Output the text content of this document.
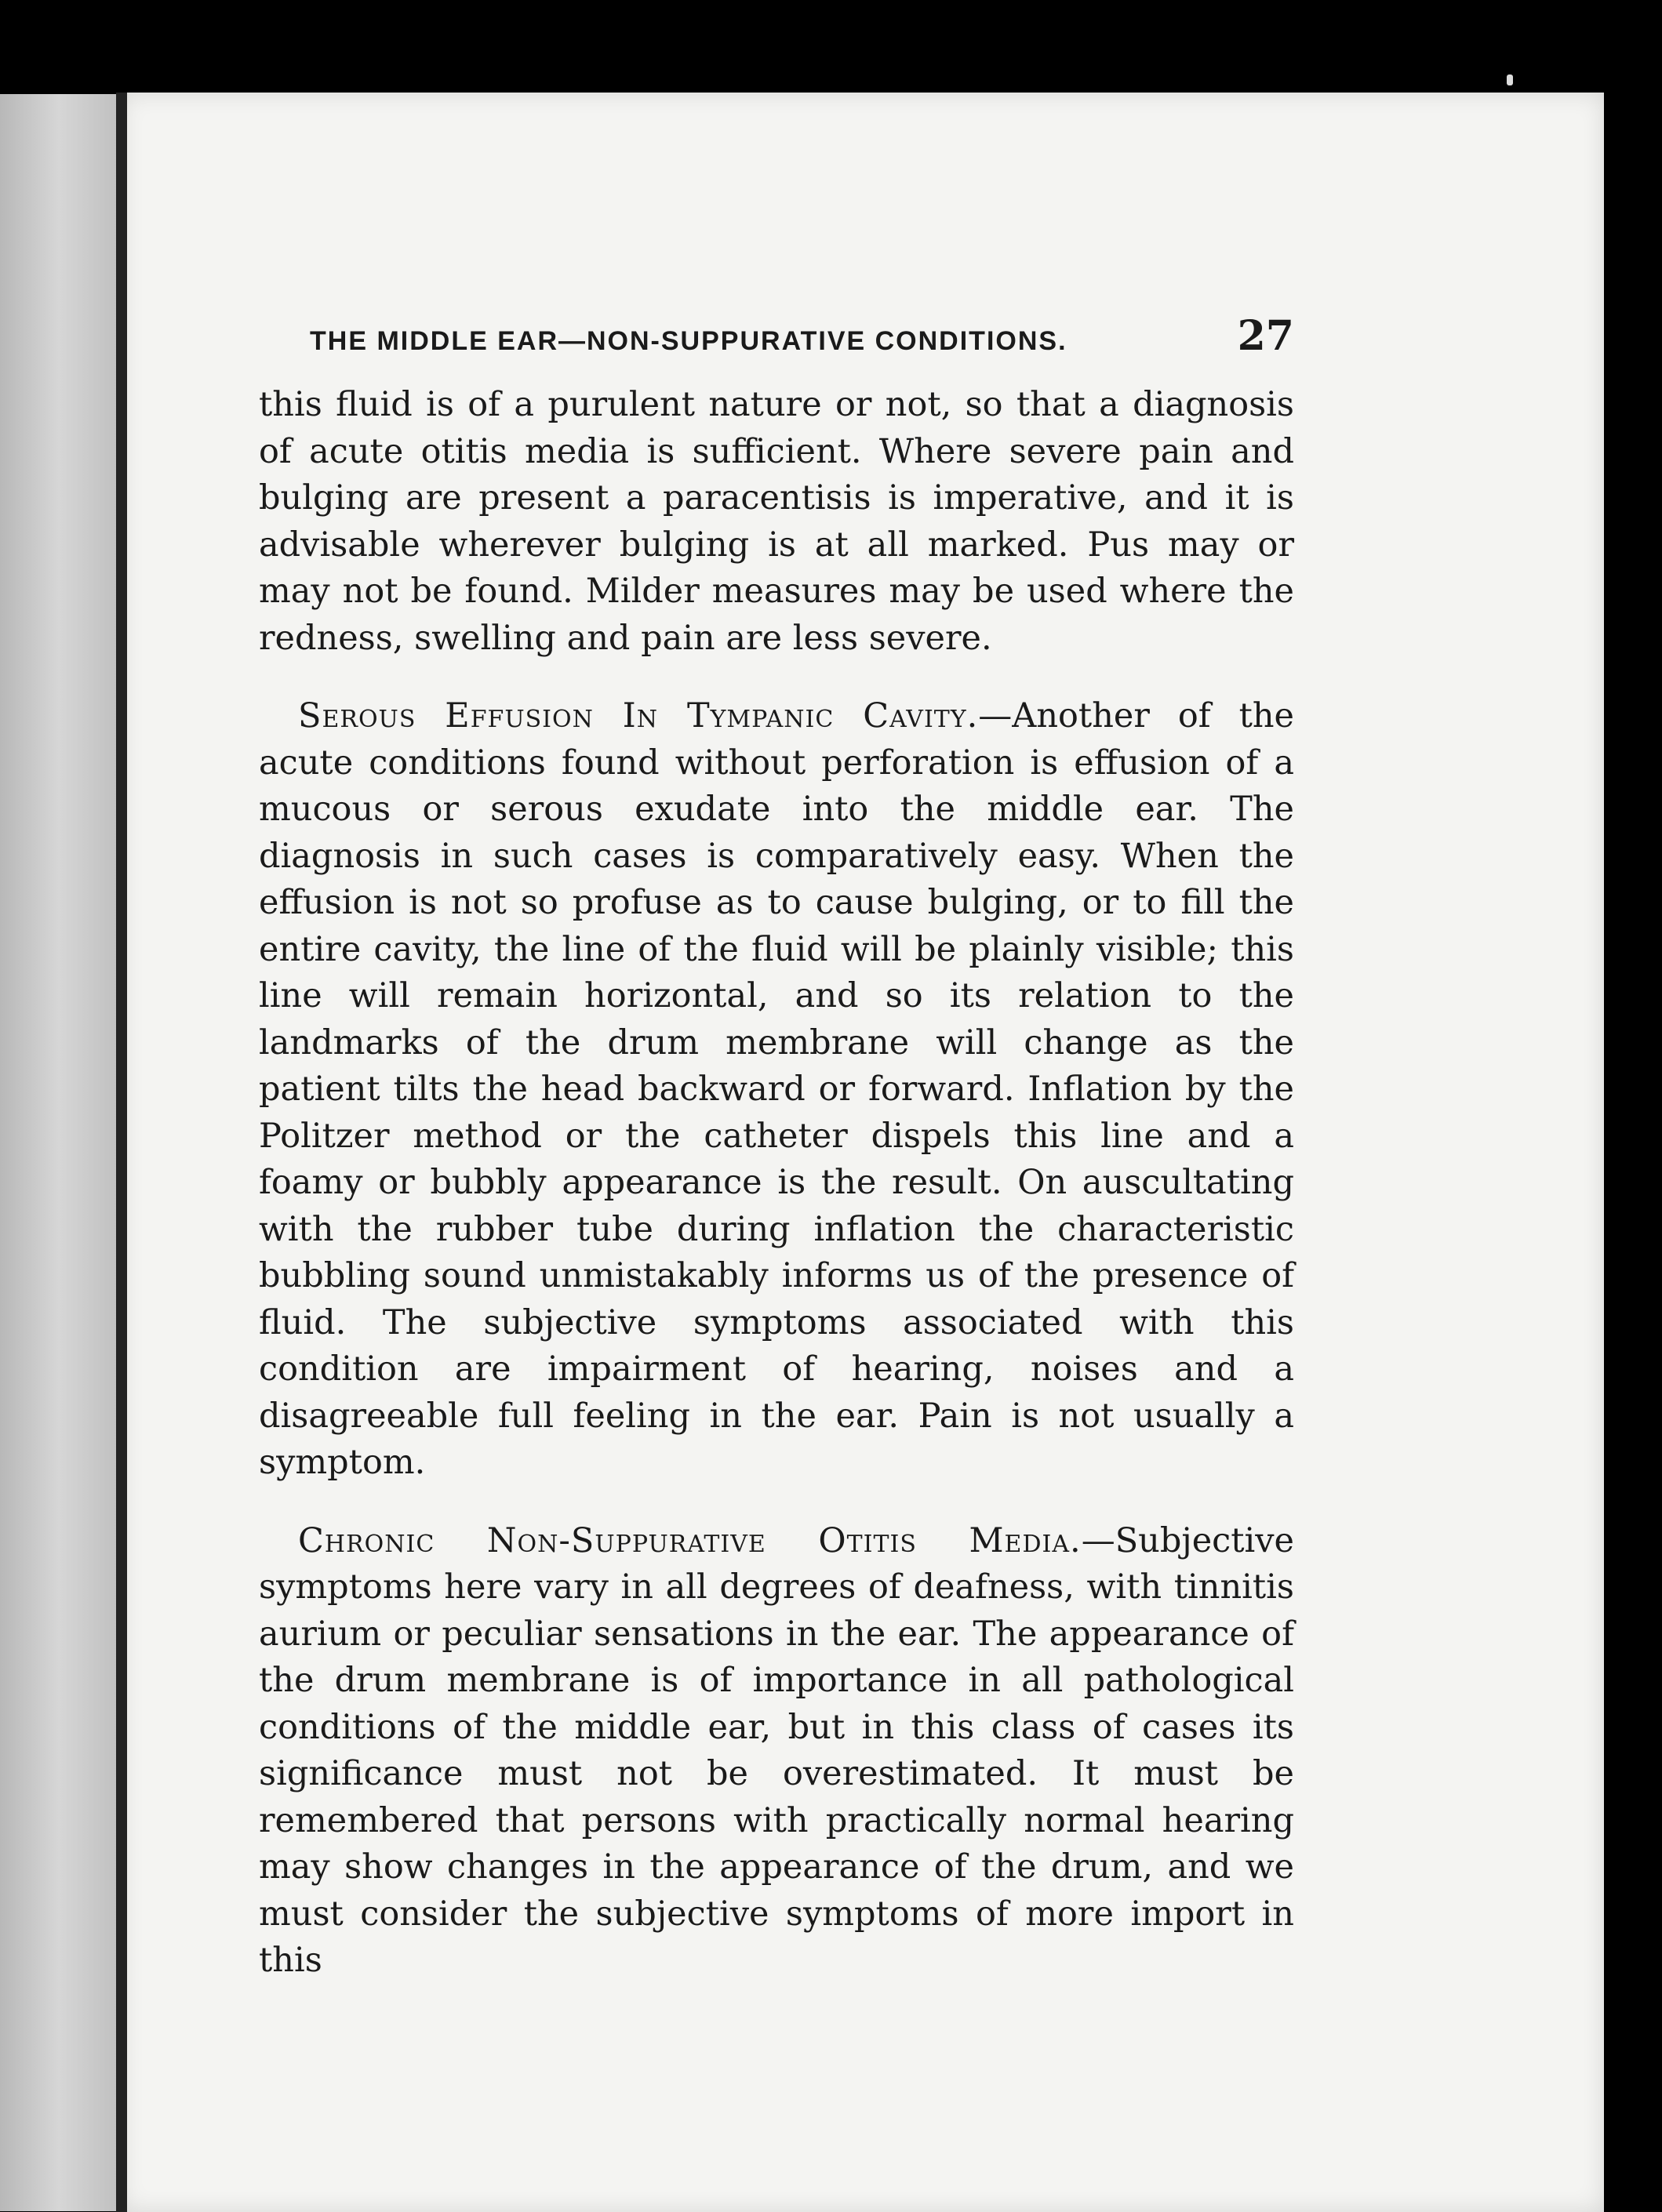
THE MIDDLE EAR—NON-SUPPURATIVE CONDITIONS.	27

this fluid is of a purulent nature or not, so that a diagnosis of acute otitis media is sufficient. Where severe pain and bulging are present a paracentisis is imperative, and it is advisable wherever bulging is at all marked. Pus may or may not be found. Milder measures may be used where the redness, swelling and pain are less severe.

Serous Effusion In Tympanic Cavity.—Another of the acute conditions found without perforation is effusion of a mucous or serous exudate into the middle ear. The diagnosis in such cases is comparatively easy. When the effusion is not so profuse as to cause bulging, or to fill the entire cavity, the line of the fluid will be plainly visible; this line will remain horizontal, and so its relation to the landmarks of the drum membrane will change as the patient tilts the head backward or forward. Inflation by the Politzer method or the catheter dispels this line and a foamy or bubbly appearance is the result. On auscultating with the rubber tube during inflation the characteristic bubbling sound unmistakably informs us of the presence of fluid. The subjective symptoms associated with this condition are impairment of hearing, noises and a disagreeable full feeling in the ear. Pain is not usually a symptom.

Chronic Non-Suppurative Otitis Media.—Subjective symptoms here vary in all degrees of deafness, with tinnitis aurium or peculiar sensations in the ear. The appearance of the drum membrane is of importance in all pathological conditions of the middle ear, but in this class of cases its significance must not be overestimated. It must be remembered that persons with practically normal hearing may show changes in the appearance of the drum, and we must consider the subjective symptoms of more import in this
